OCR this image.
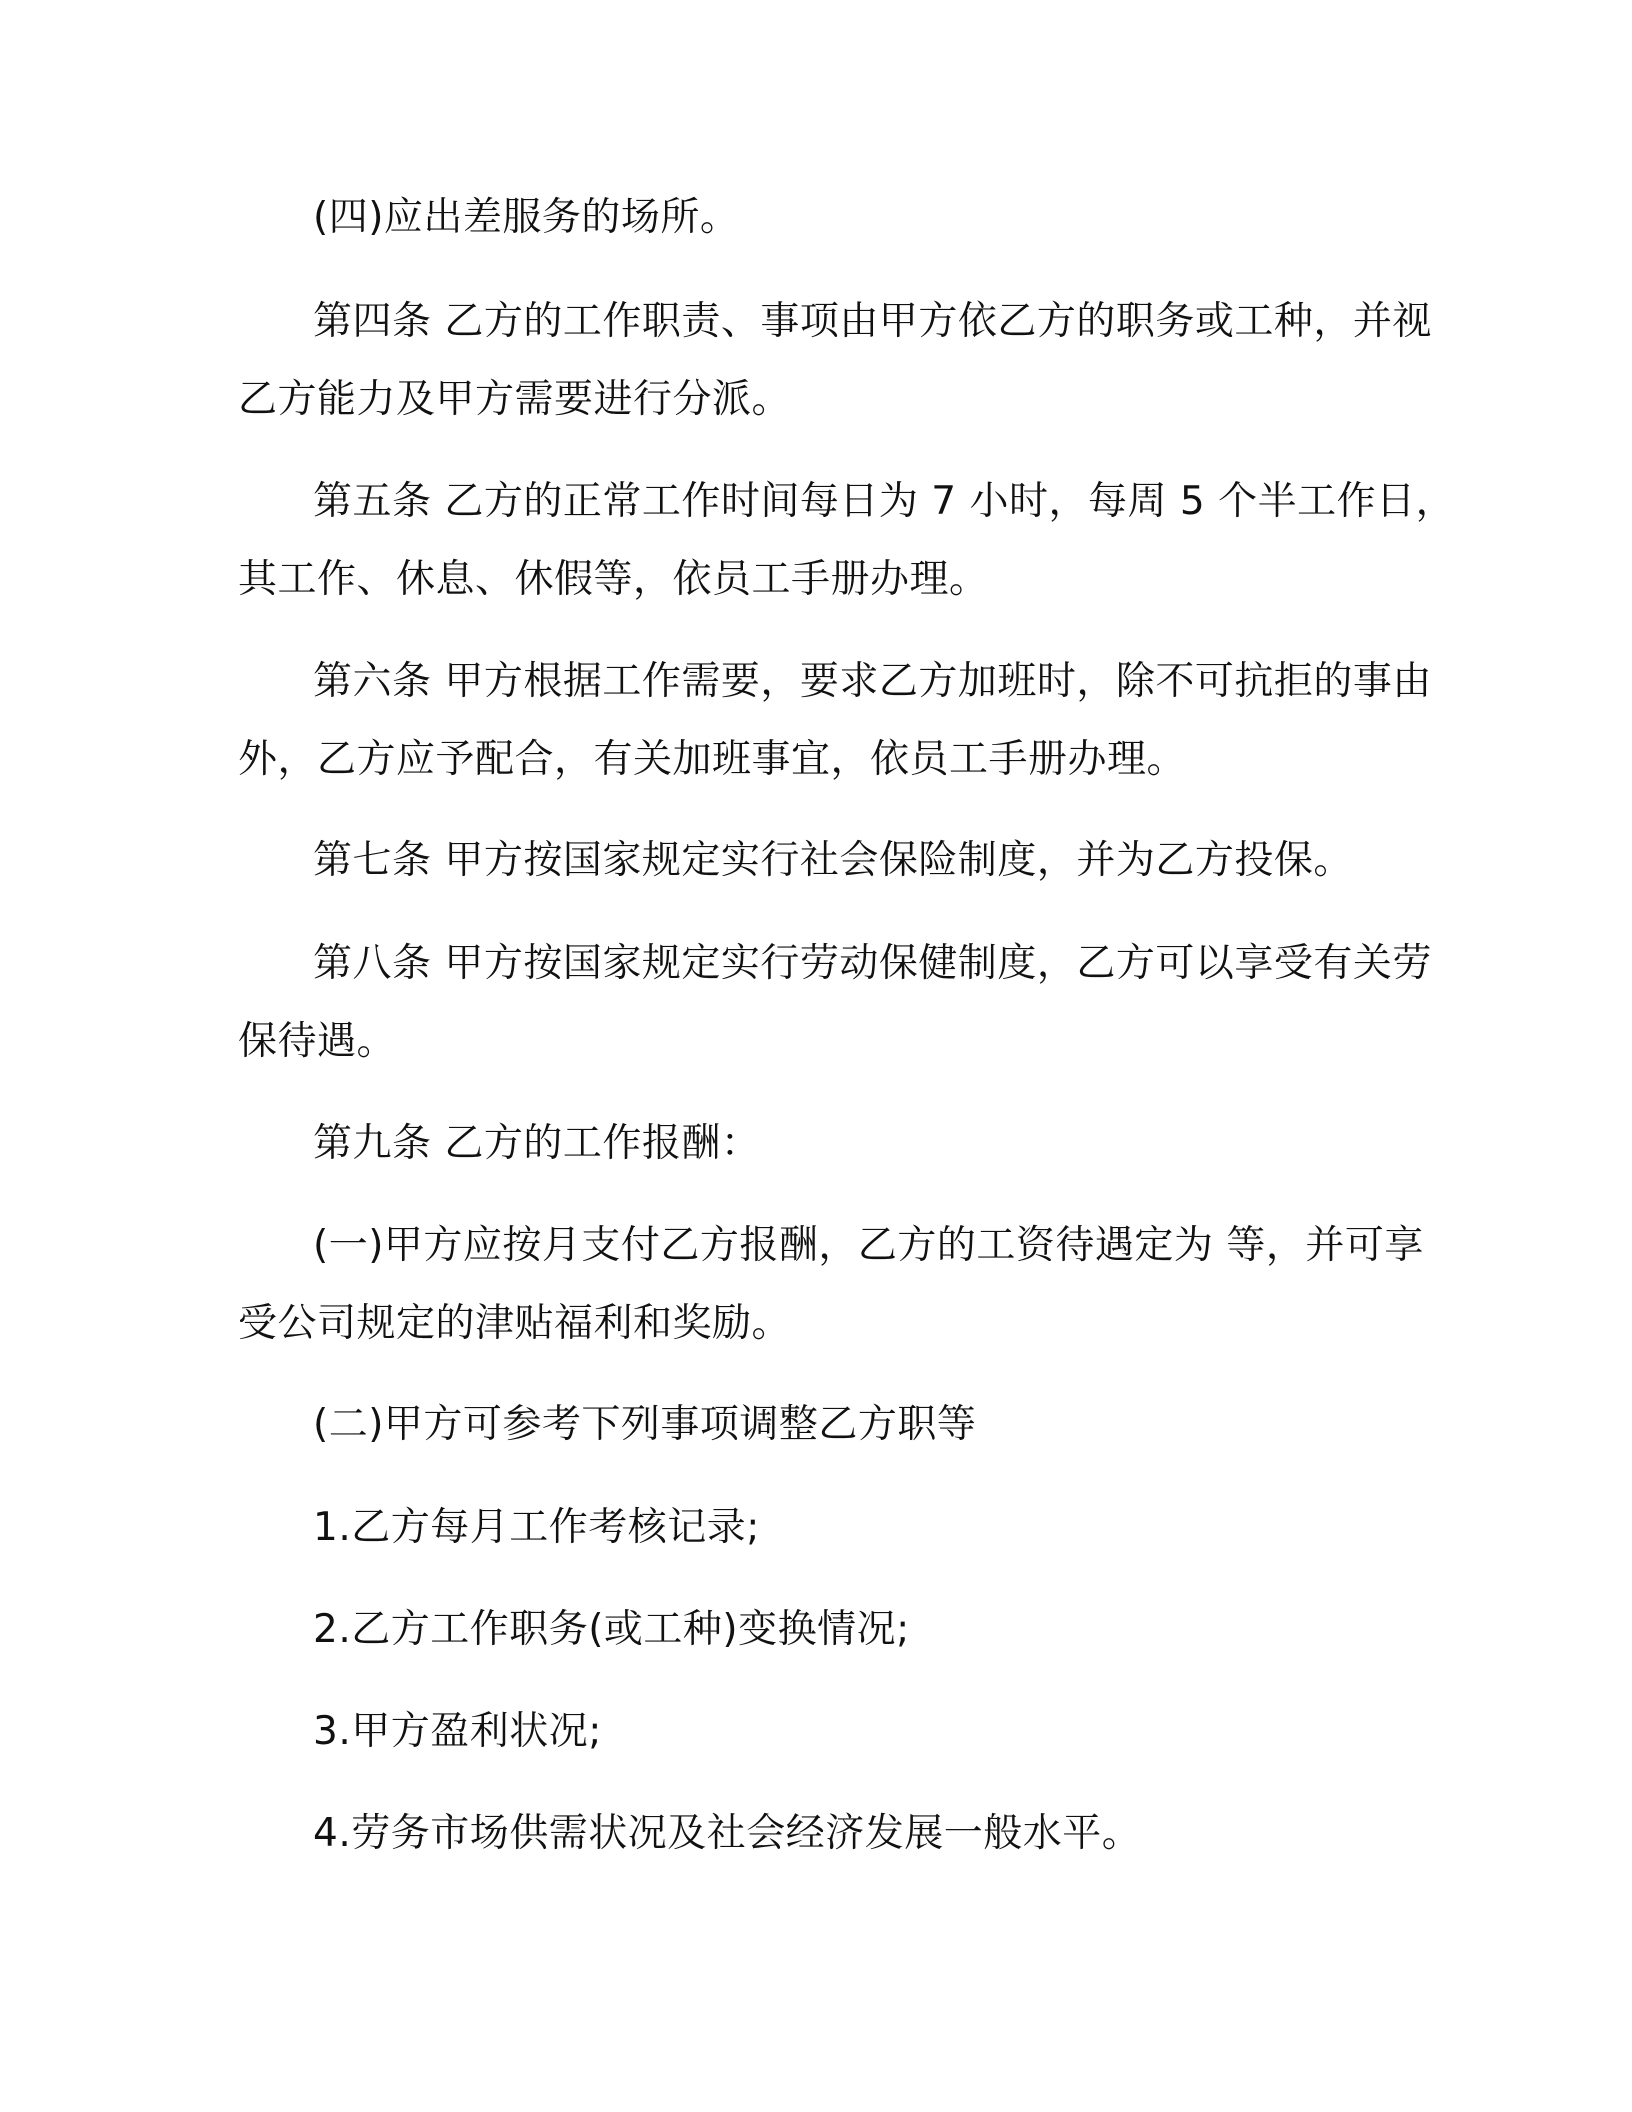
(四)应出差服务的场所。

第四条 乙方的工作职责、事项由甲方依乙方的职务或工种，并视

乙方能力及甲方需要进行分派。

第五条 乙方的正常工作时间每日为 7 小时，每周 5 个半工作日，

其工作、休息、休假等，依员工手册办理。

第六条 甲方根据工作需要，要求乙方加班时，除不可抗拒的事由

外，乙方应予配合，有关加班事宜，依员工手册办理。

第七条 甲方按国家规定实行社会保险制度，并为乙方投保。

第八条 甲方按国家规定实行劳动保健制度，乙方可以享受有关劳

保待遇。

第九条 乙方的工作报酬：

(一)甲方应按月支付乙方报酬，乙方的工资待遇定为 等，并可享

受公司规定的津贴福利和奖励。

(二)甲方可参考下列事项调整乙方职等

1.乙方每月工作考核记录;

2.乙方工作职务(或工种)变换情况;

3.甲方盈利状况;

4.劳务市场供需状况及社会经济发展一般水平。
